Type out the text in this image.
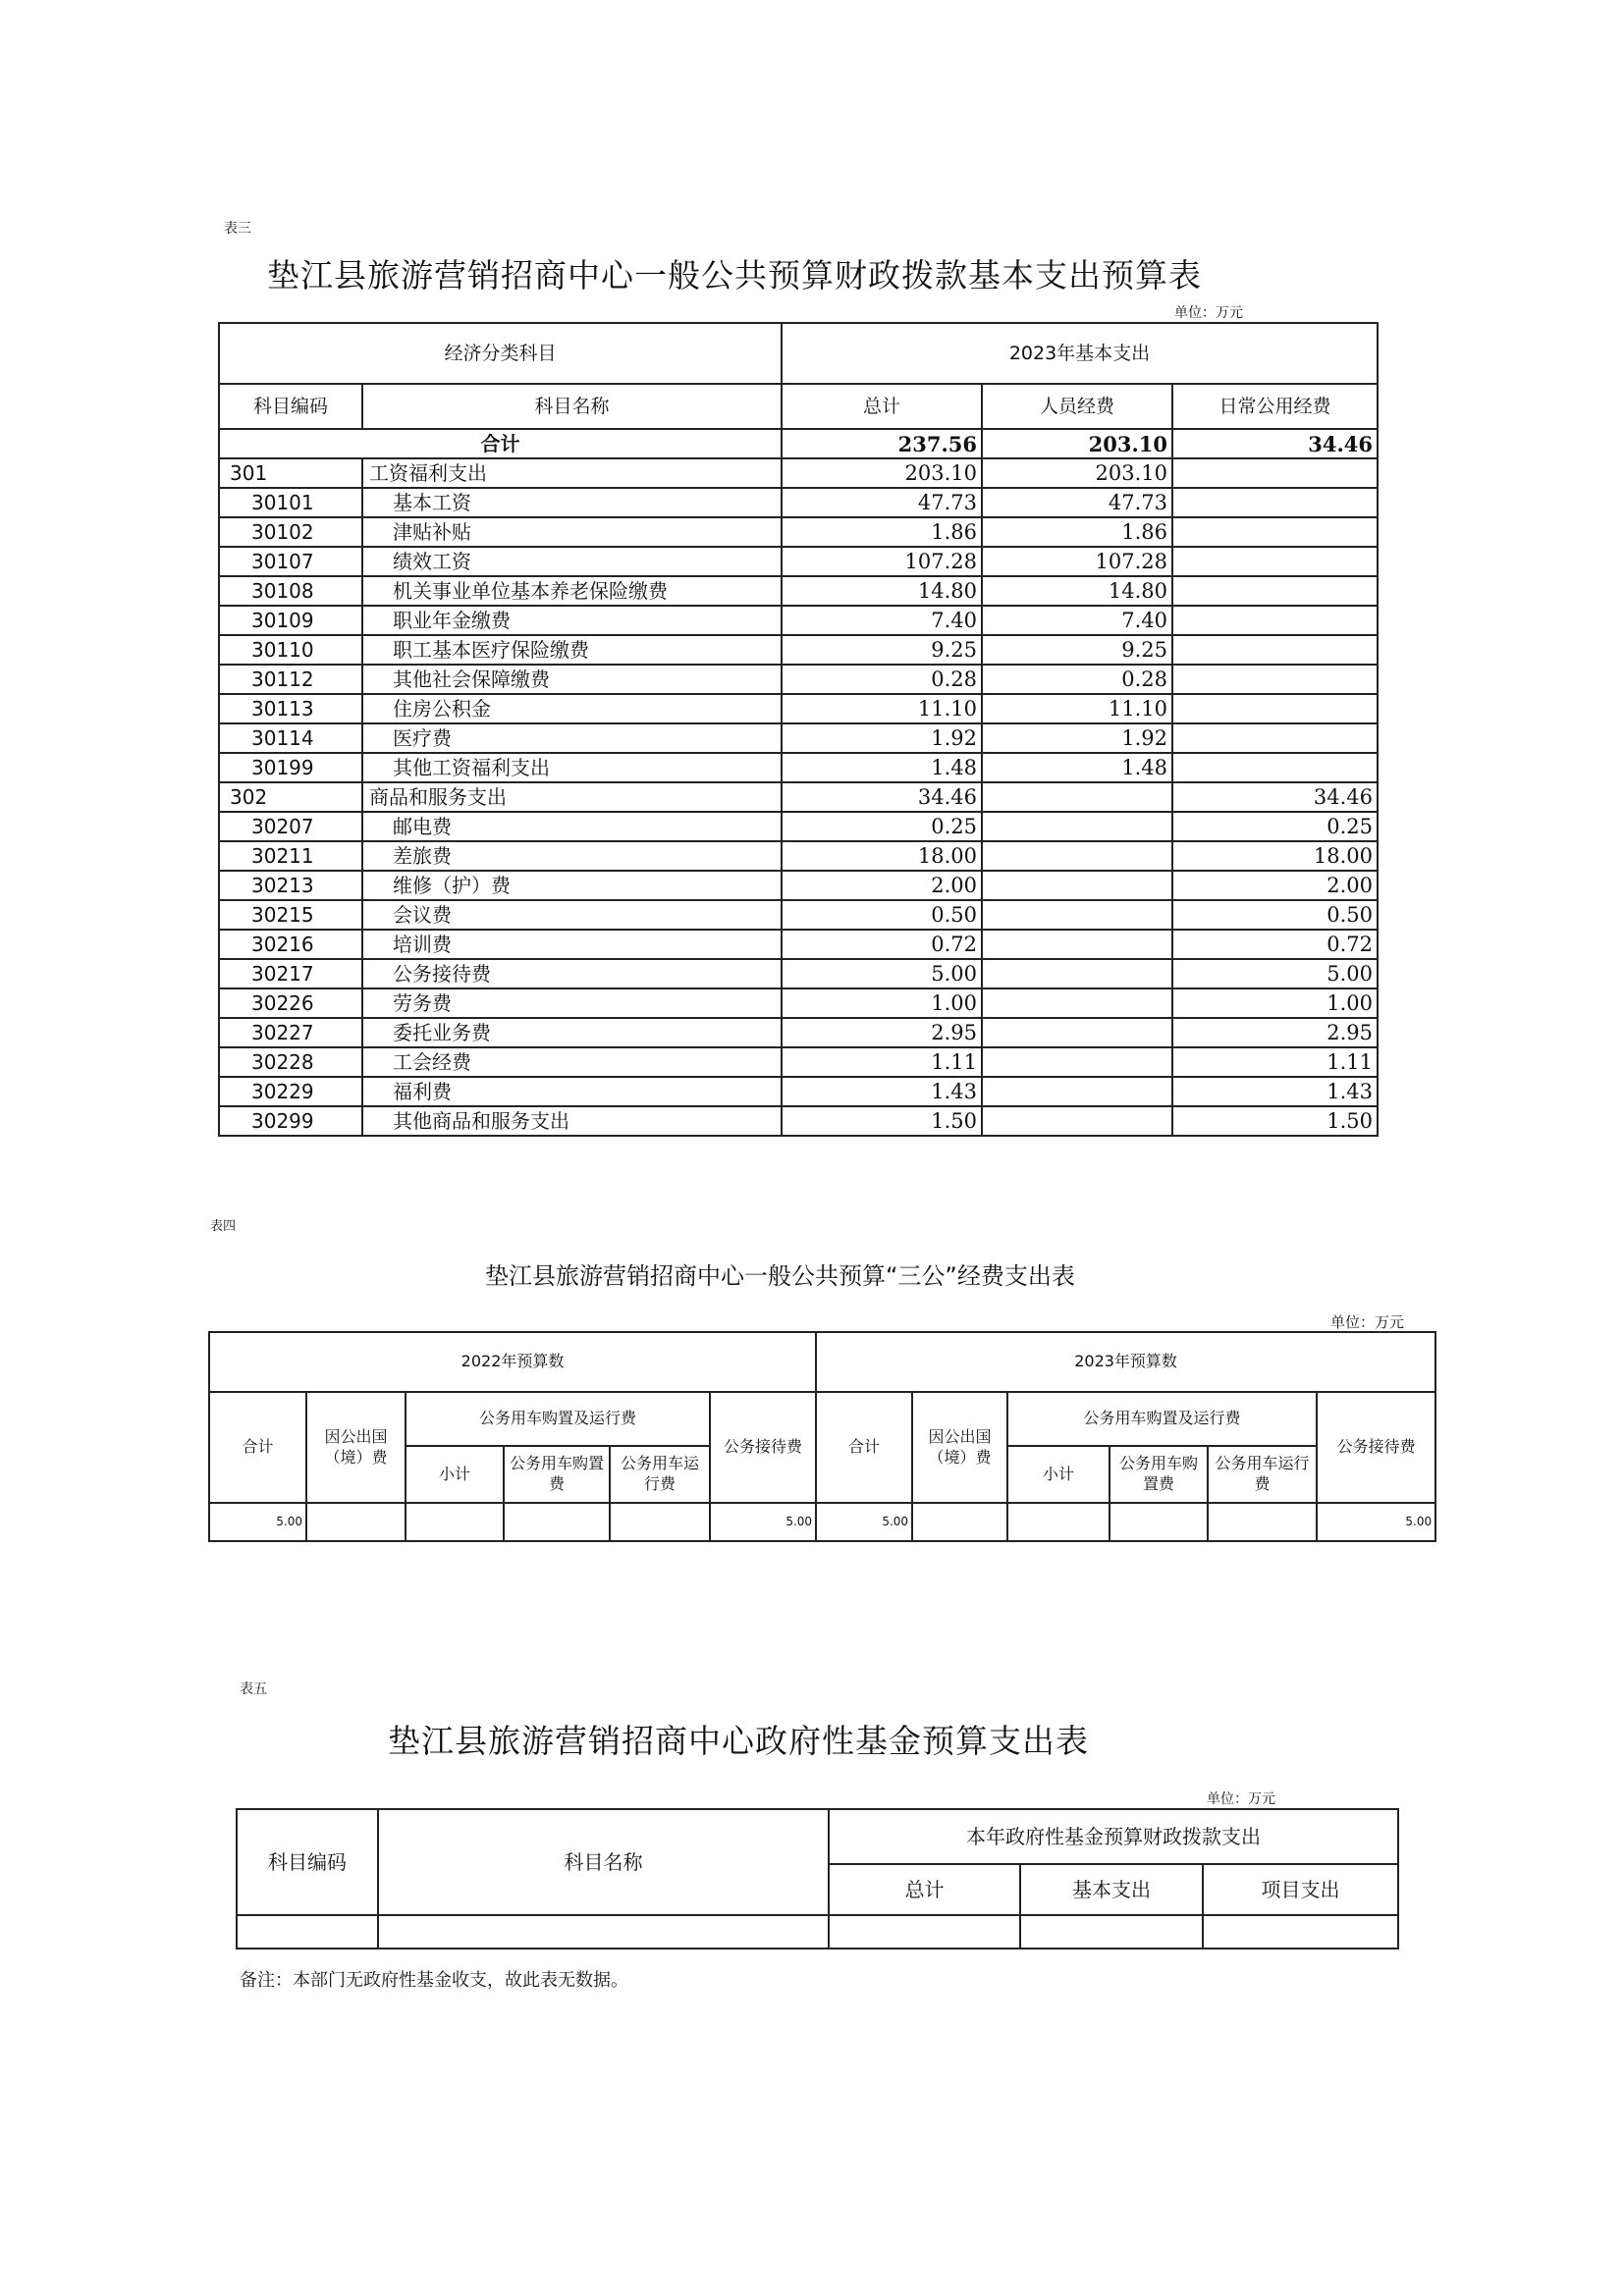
表三
垫江县旅游营销招商中心一般公共预算财政拨款基本支出预算表
单位：万元
经济分类科目		2023年基本支出		
科目编码	科目名称	总计	人员经费	日常公用经费
合计		237.56	203.10	34.46
301	工资福利支出	203.10	203.10	
30101	基本工资	47.73	47.73	
30102	津贴补贴	1.86	1.86	
30107	绩效工资	107.28	107.28	
30108	机关事业单位基本养老保险缴费	14.80	14.80	
30109	职业年金缴费	7.40	7.40	
30110	职工基本医疗保险缴费	9.25	9.25	
30112	其他社会保障缴费	0.28	0.28	
30113	住房公积金	11.10	11.10	
30114	医疗费	1.92	1.92	
30199	其他工资福利支出	1.48	1.48	
302	商品和服务支出	34.46		34.46
30207	邮电费	0.25		0.25
30211	差旅费	18.00		18.00
30213	维修（护）费	2.00		2.00
30215	会议费	0.50		0.50
30216	培训费	0.72		0.72
30217	公务接待费	5.00		5.00
30226	劳务费	1.00		1.00
30227	委托业务费	2.95		2.95
30228	工会经费	1.11		1.11
30229	福利费	1.43		1.43
30299	其他商品和服务支出	1.50		1.50
表四
垫江县旅游营销招商中心一般公共预算“三公”经费支出表
单位：万元
2022年预算数						2023年预算数					
合计	因公出国（境）费	公务用车购置及运行费			公务接待费	合计	因公出国（境）费	公务用车购置及运行费			公务接待费
		小计	公务用车购置费	公务用车运行费				小计	公务用车购置费	公务用车运行费	
5.00					5.00	5.00					5.00
表五
垫江县旅游营销招商中心政府性基金预算支出表
单位：万元
科目编码	科目名称	本年政府性基金预算财政拨款支出		
		总计	基本支出	项目支出

备注：本部门无政府性基金收支，故此表无数据。
